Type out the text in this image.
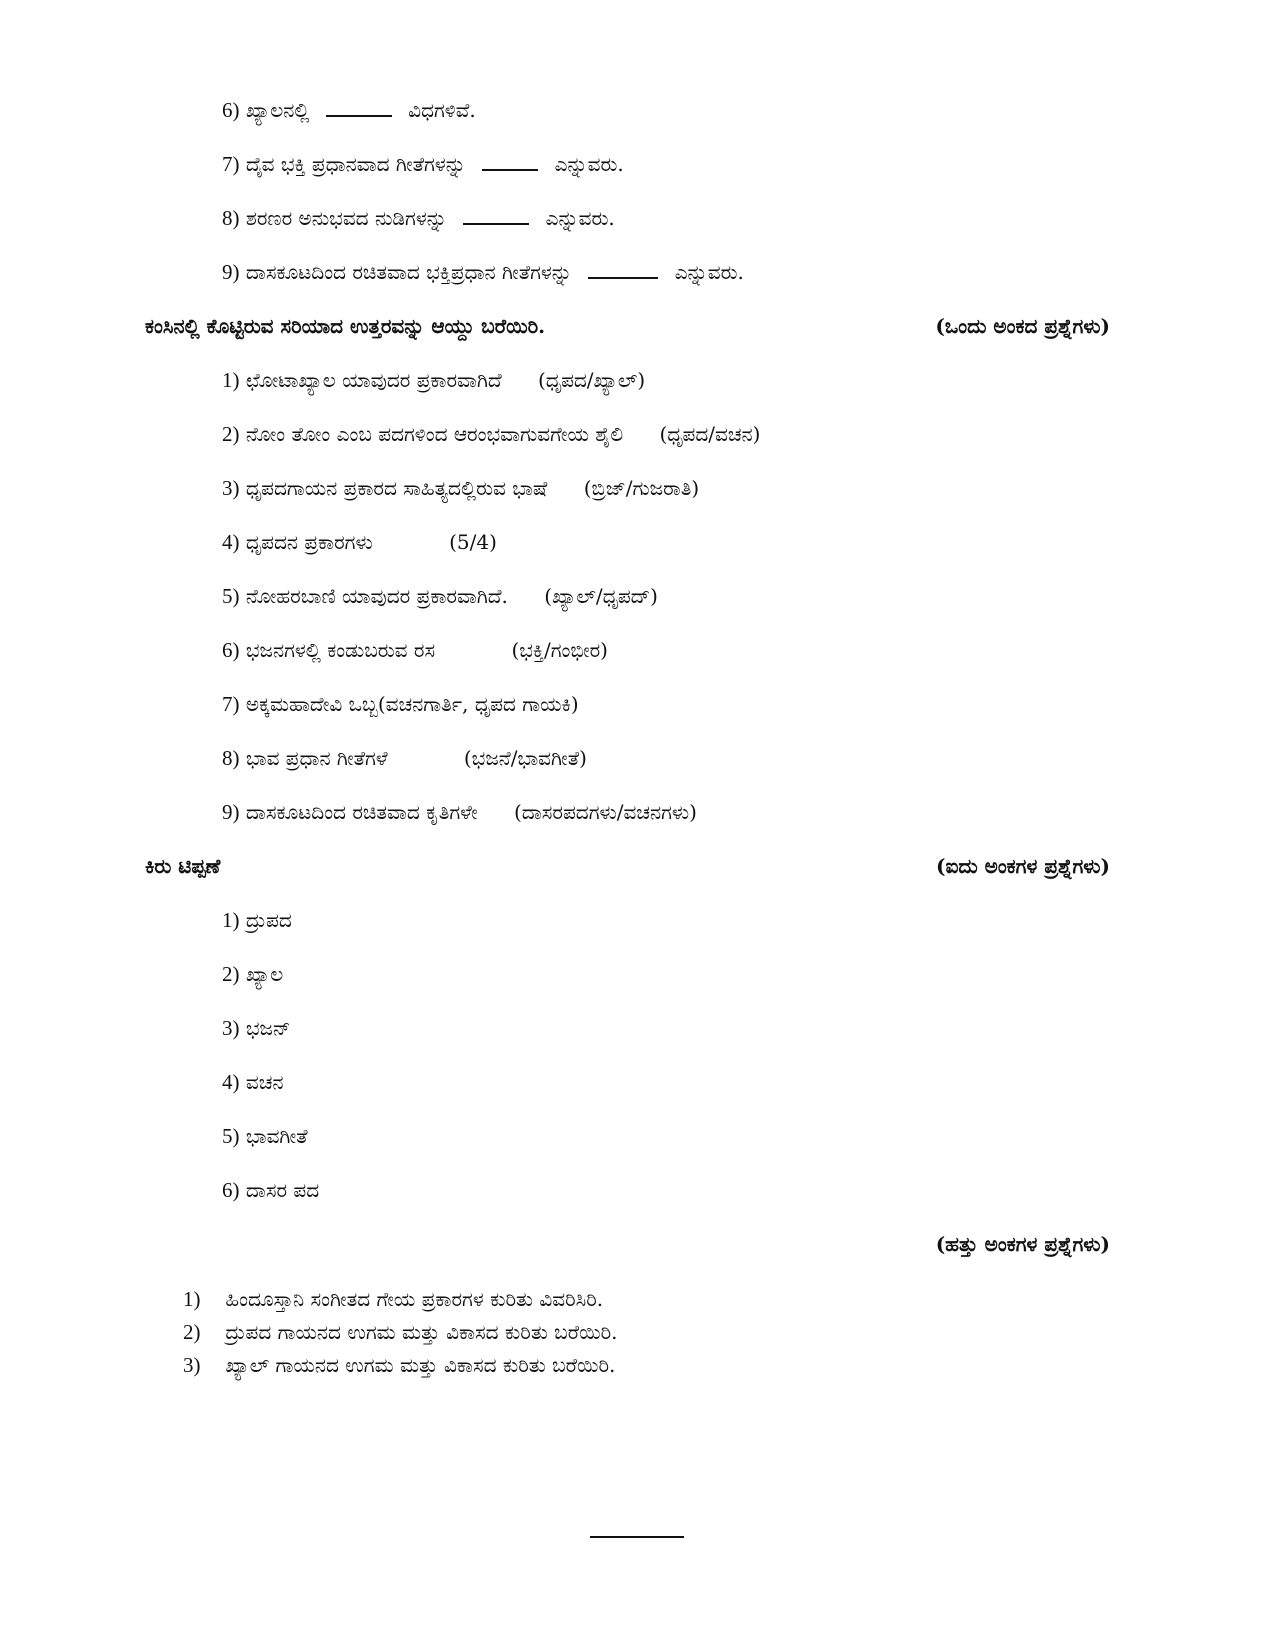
6) ಖ್ಯಾಲನಲ್ಲಿ	ವಿಧಗಳಿವೆ.
7) ದೈವ ಭಕ್ತಿ ಪ್ರಧಾನವಾದ ಗೀತೆಗಳನ್ನು	ಎನ್ನುವರು.
8) ಶರಣರ ಅನುಭವದ ನುಡಿಗಳನ್ನು	ಎನ್ನುವರು.
9) ದಾಸಕೂಟದಿಂದ ರಚಿತವಾದ ಭಕ್ತಿಪ್ರಧಾನ ಗೀತೆಗಳನ್ನು	ಎನ್ನುವರು.
ಕಂಸಿನಲ್ಲಿ ಕೊಟ್ಟಿರುವ ಸರಿಯಾದ ಉತ್ತರವನ್ನು ಆಯ್ದು ಬರೆಯಿರಿ.	(ಒಂದು ಅಂಕದ ಪ್ರಶ್ನೆಗಳು)
1) ಛೋಟಾಖ್ಯಾಲ ಯಾವುದರ ಪ್ರಕಾರವಾಗಿದೆ (ಧೃಪದ/ಖ್ಯಾಲ್)
2) ನೋಂ ತೋಂ ಎಂಬ ಪದಗಳಿಂದ ಆರಂಭವಾಗುವಗೇಯ ಶೈಲಿ (ಧೃಪದ/ವಚನ)
3) ಧೃಪದಗಾಯನ ಪ್ರಕಾರದ ಸಾಹಿತ್ಯದಲ್ಲಿರುವ ಭಾಷೆ (ಬ್ರಿಜ್/ಗುಜರಾತಿ)
4) ಧೃಪದನ ಪ್ರಕಾರಗಳು	(5/4)
5) ನೋಹರಬಾಣಿ ಯಾವುದರ ಪ್ರಕಾರವಾಗಿದೆ. (ಖ್ಯಾಲ್/ಧೃಪದ್)
6) ಭಜನಗಳಲ್ಲಿ ಕಂಡುಬರುವ ರಸ	(ಭಕ್ತಿ/ಗಂಭೀರ)
7) ಅಕ್ಕಮಹಾದೇವಿ ಒಬ್ಬ(ವಚನಗಾರ್ತಿ, ಧೃಪದ ಗಾಯಕಿ)
8) ಭಾವ ಪ್ರಧಾನ ಗೀತೆಗಳೆ	(ಭಜನೆ/ಭಾವಗೀತೆ)
9) ದಾಸಕೂಟದಿಂದ ರಚಿತವಾದ ಕೃತಿಗಳೇ (ದಾಸರಪದಗಳು/ವಚನಗಳು)
ಕಿರು ಟಿಪ್ಪಣೆ	(ಐದು ಅಂಕಗಳ ಪ್ರಶ್ನೆಗಳು)
1) ದ್ರುಪದ
2) ಖ್ಯಾಲ
3) ಭಜನ್
4) ವಚನ
5) ಭಾವಗೀತೆ
6) ದಾಸರ ಪದ
(ಹತ್ತು ಅಂಕಗಳ ಪ್ರಶ್ನೆಗಳು)
1) ಹಿಂದೂಸ್ತಾನಿ ಸಂಗೀತದ ಗೇಯ ಪ್ರಕಾರಗಳ ಕುರಿತು ವಿವರಿಸಿರಿ.
2) ದ್ರುಪದ ಗಾಯನದ ಉಗಮ ಮತ್ತು ವಿಕಾಸದ ಕುರಿತು ಬರೆಯಿರಿ.
3) ಖ್ಯಾಲ್ ಗಾಯನದ ಉಗಮ ಮತ್ತು ವಿಕಾಸದ ಕುರಿತು ಬರೆಯಿರಿ.
